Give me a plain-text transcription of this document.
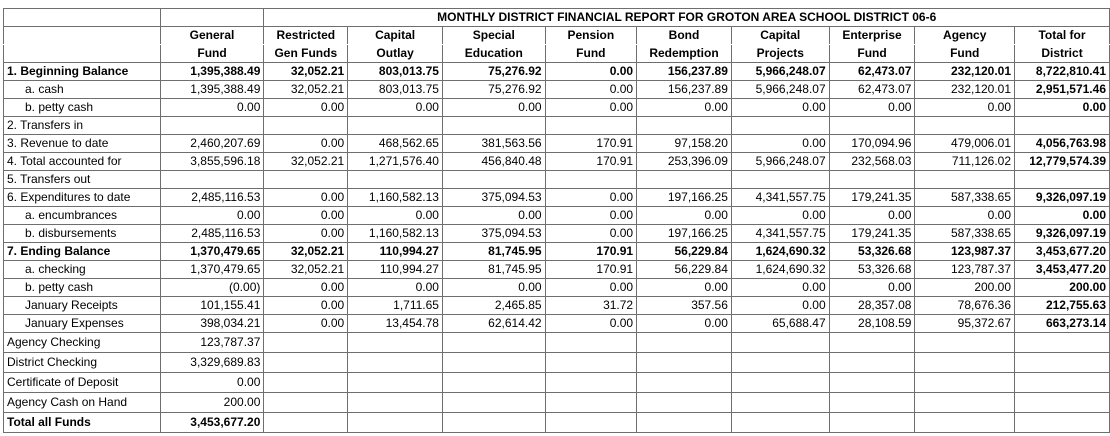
		MONTHLY DISTRICT FINANCIAL REPORT FOR GROTON AREA SCHOOL DISTRICT 06-6								
	General	Restricted	Capital	Special	Pension	Bond	Capital	Enterprise	Agency	Total for
	Fund	Gen Funds	Outlay	Education	Fund	Redemption	Projects	Fund	Fund	District
1. Beginning Balance	1,395,388.49	32,052.21	803,013.75	75,276.92	0.00	156,237.89	5,966,248.07	62,473.07	232,120.01	8,722,810.41
a. cash	1,395,388.49	32,052.21	803,013.75	75,276.92	0.00	156,237.89	5,966,248.07	62,473.07	232,120.01	2,951,571.46
b. petty cash	0.00	0.00	0.00	0.00	0.00	0.00	0.00	0.00	0.00	0.00
2. Transfers in										
3. Revenue to date	2,460,207.69	0.00	468,562.65	381,563.56	170.91	97,158.20	0.00	170,094.96	479,006.01	4,056,763.98
4. Total accounted for	3,855,596.18	32,052.21	1,271,576.40	456,840.48	170.91	253,396.09	5,966,248.07	232,568.03	711,126.02	12,779,574.39
5. Transfers out										
6. Expenditures to date	2,485,116.53	0.00	1,160,582.13	375,094.53	0.00	197,166.25	4,341,557.75	179,241.35	587,338.65	9,326,097.19
a. encumbrances	0.00	0.00	0.00	0.00	0.00	0.00	0.00	0.00	0.00	0.00
b. disbursements	2,485,116.53	0.00	1,160,582.13	375,094.53	0.00	197,166.25	4,341,557.75	179,241.35	587,338.65	9,326,097.19
7. Ending Balance	1,370,479.65	32,052.21	110,994.27	81,745.95	170.91	56,229.84	1,624,690.32	53,326.68	123,987.37	3,453,677.20
a. checking	1,370,479.65	32,052.21	110,994.27	81,745.95	170.91	56,229.84	1,624,690.32	53,326.68	123,787.37	3,453,477.20
b. petty cash	(0.00)	0.00	0.00	0.00	0.00	0.00	0.00	0.00	200.00	200.00
January Receipts	101,155.41	0.00	1,711.65	2,465.85	31.72	357.56	0.00	28,357.08	78,676.36	212,755.63
January Expenses	398,034.21	0.00	13,454.78	62,614.42	0.00	0.00	65,688.47	28,108.59	95,372.67	663,273.14
Agency Checking	123,787.37									
District Checking	3,329,689.83									
Certificate of Deposit	0.00									
Agency Cash on Hand	200.00									
Total all Funds	3,453,677.20									
